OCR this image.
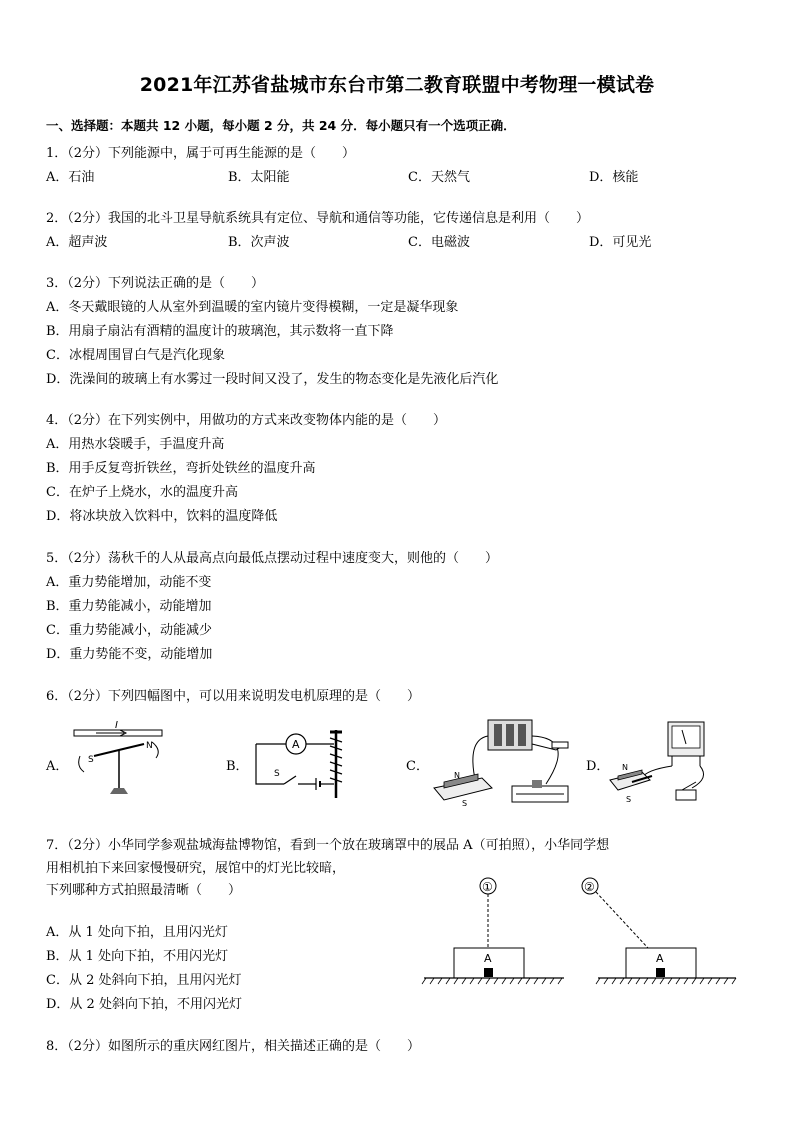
2021年江苏省盐城市东台市第二教育联盟中考物理一模试卷
一、选择题：本题共 12 小题，每小题 2 分，共 24 分．每小题只有一个选项正确．
1．（2分）下列能源中，属于可再生能源的是（　　）
A．石油	B．太阳能	C．天然气	D．核能
2．（2分）我国的北斗卫星导航系统具有定位、导航和通信等功能，它传递信息是利用（　　）
A．超声波	B．次声波	C．电磁波	D．可见光
3．（2分）下列说法正确的是（　　）
A．冬天戴眼镜的人从室外到温暖的室内镜片变得模糊，一定是凝华现象
B．用扇子扇沾有酒精的温度计的玻璃泡，其示数将一直下降
C．冰棍周围冒白气是汽化现象
D．洗澡间的玻璃上有水雾过一段时间又没了，发生的物态变化是先液化后汽化
4．（2分）在下列实例中，用做功的方式来改变物体内能的是（　　）
A．用热水袋暖手，手温度升高
B．用手反复弯折铁丝，弯折处铁丝的温度升高
C．在炉子上烧水，水的温度升高
D．将冰块放入饮料中，饮料的温度降低
5．（2分）荡秋千的人从最高点向最低点摆动过程中速度变大，则他的（　　）
A．重力势能增加，动能不变
B．重力势能减小，动能增加
C．重力势能减小，动能减少
D．重力势能不变，动能增加
6．（2分）下列四幅图中，可以用来说明发电机原理的是（　　）
A．
I
S
N
B．
A
S	C．
N
S
D． N
S
7．（2分）小华同学参观盐城海盐博物馆，看到一个放在玻璃罩中的展品 A（可拍照），小华同学想
用相机拍下来回家慢慢研究，展馆中的灯光比较暗，
下列哪种方式拍照最清晰（　　）
A．从 1 处向下拍，且用闪光灯
B．从 1 处向下拍，不用闪光灯
C．从 2 处斜向下拍，且用闪光灯
D．从 2 处斜向下拍，不用闪光灯
①
A
②
A
8．（2分）如图所示的重庆网红图片，相关描述正确的是（　　）
